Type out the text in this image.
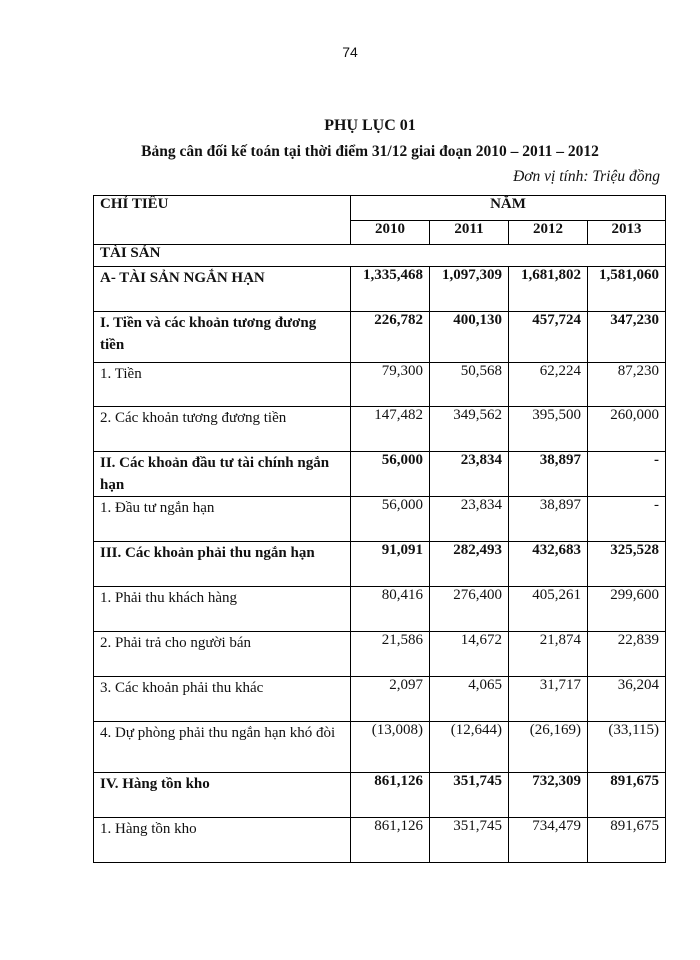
74
PHỤ LỤC 01
Bảng cân đối kế toán tại thời điểm 31/12 giai đoạn 2010 – 2011 – 2012
Đơn vị tính: Triệu đồng
CHỈ TIÊU	NĂM			
	2010	2011	2012	2013
TÀI SẢN				
A- TÀI SẢN NGẮN HẠN	1,335,468	1,097,309	1,681,802	1,581,060
I. Tiền và các khoản tương đương tiền	226,782	400,130	457,724	347,230
1. Tiền	79,300	50,568	62,224	87,230
2. Các khoản tương đương tiền	147,482	349,562	395,500	260,000
II. Các khoản đầu tư tài chính ngắn hạn	56,000	23,834	38,897	-
1. Đầu tư ngắn hạn	56,000	23,834	38,897	-
III. Các khoản phải thu ngắn hạn	91,091	282,493	432,683	325,528
1. Phải thu khách hàng	80,416	276,400	405,261	299,600
2. Phải trả cho người bán	21,586	14,672	21,874	22,839
3. Các khoản phải thu khác	2,097	4,065	31,717	36,204
4. Dự phòng phải thu ngắn hạn khó đòi	(13,008)	(12,644)	(26,169)	(33,115)
IV. Hàng tồn kho	861,126	351,745	732,309	891,675
1. Hàng tồn kho	861,126	351,745	734,479	891,675
